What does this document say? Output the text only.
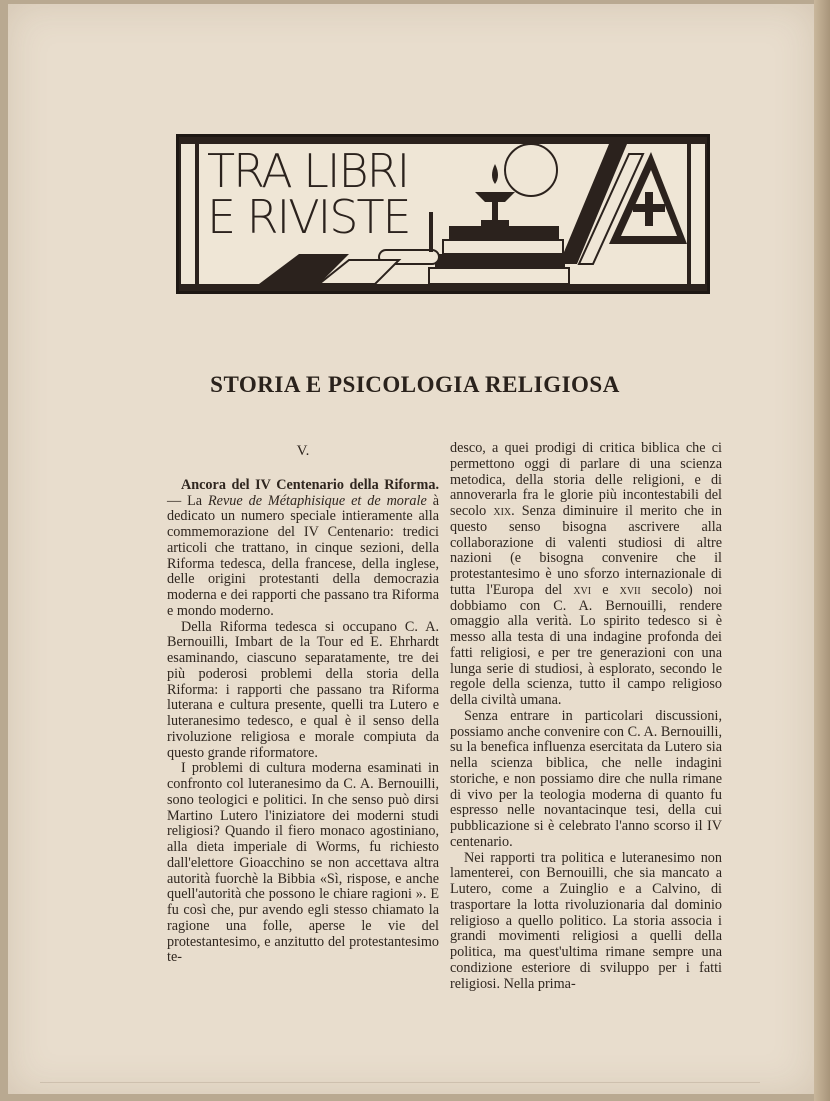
TRA LIBRI
E RIVISTE
STORIA E PSICOLOGIA RELIGIOSA
V.

Ancora del IV Centenario della Riforma. — La Revue de Métaphisique et de morale à dedicato un numero speciale intieramente alla commemorazione del IV Centenario: tredici articoli che trattano, in cinque sezioni, della Riforma tedesca, della francese, della inglese, delle origini protestanti della democrazia moderna e dei rapporti che passano tra Riforma e mondo moderno.

Della Riforma tedesca si occupano C. A. Bernouilli, Imbart de la Tour ed E. Ehrhardt esaminando, ciascuno separatamente, tre dei più poderosi problemi della storia della Riforma: i rapporti che passano tra Riforma luterana e cultura presente, quelli tra Lutero e luteranesimo tedesco, e qual è il senso della rivoluzione religiosa e morale compiuta da questo grande riformatore.

I problemi di cultura moderna esaminati in confronto col luteranesimo da C. A. Bernouilli, sono teologici e politici. In che senso può dirsi Martino Lutero l'iniziatore dei moderni studi religiosi? Quando il fiero monaco agostiniano, alla dieta imperiale di Worms, fu richiesto dall'elettore Gioacchino se non accettava altra autorità fuorchè la Bibbia «Sì, rispose, e anche quell'autorità che possono le chiare ragioni ». E fu così che, pur avendo egli stesso chiamato la ragione una folle, aperse le vie del protestantesimo, e anzitutto del protestantesimo te-

desco, a quei prodigi di critica biblica che ci permettono oggi di parlare di una scienza metodica, della storia delle religioni, e di annoverarla fra le glorie più incontestabili del secolo xix. Senza diminuire il merito che in questo senso bisogna ascrivere alla collaborazione di valenti studiosi di altre nazioni (e bisogna convenire che il protestantesimo è uno sforzo internazionale di tutta l'Europa del xvi e xvii secolo) noi dobbiamo con C. A. Bernouilli, rendere omaggio alla verità. Lo spirito tedesco si è messo alla testa di una indagine profonda dei fatti religiosi, e per tre generazioni con una lunga serie di studiosi, à esplorato, secondo le regole della scienza, tutto il campo religioso della civiltà umana.

Senza entrare in particolari discussioni, possiamo anche convenire con C. A. Bernouilli, su la benefica influenza esercitata da Lutero sia nella scienza biblica, che nelle indagini storiche, e non possiamo dire che nulla rimane di vivo per la teologia moderna di quanto fu espresso nelle novantacinque tesi, della cui pubblicazione si è celebrato l'anno scorso il IV centenario.

Nei rapporti tra politica e luteranesimo non lamenterei, con Bernouilli, che sia mancato a Lutero, come a Zuinglio e a Calvino, di trasportare la lotta rivoluzionaria dal dominio religioso a quello politico. La storia associa i grandi movimenti religiosi a quelli della politica, ma quest'ultima rimane sempre una condizione esteriore di sviluppo per i fatti religiosi. Nella prima-
